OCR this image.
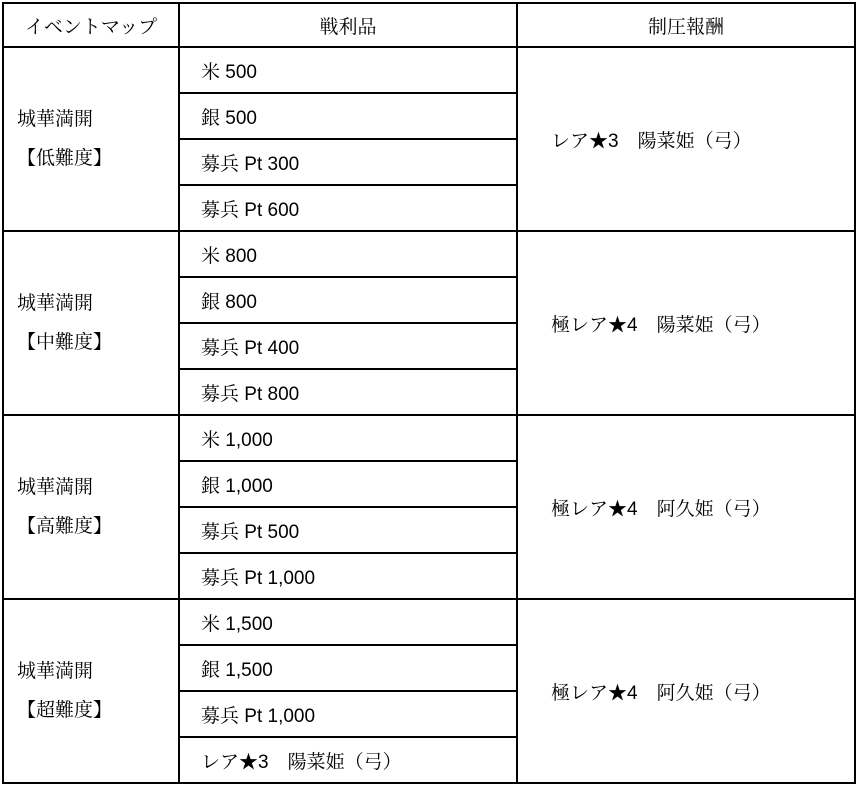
イベントマップ	戦利品	制圧報酬

城華満開
【低難度】	米 500	レア★3　陽菜姫（弓）
	銀 500	
	募兵 Pt 300	
	募兵 Pt 600	

城華満開
【中難度】	米 800	極レア★4　陽菜姫（弓）
	銀 800	
	募兵 Pt 400	
	募兵 Pt 800	

城華満開
【高難度】	米 1,000	極レア★4　阿久姫（弓）
	銀 1,000	
	募兵 Pt 500	
	募兵 Pt 1,000	

城華満開
【超難度】	米 1,500	極レア★4　阿久姫（弓）
	銀 1,500	
	募兵 Pt 1,000	
	レア★3　陽菜姫（弓）	
